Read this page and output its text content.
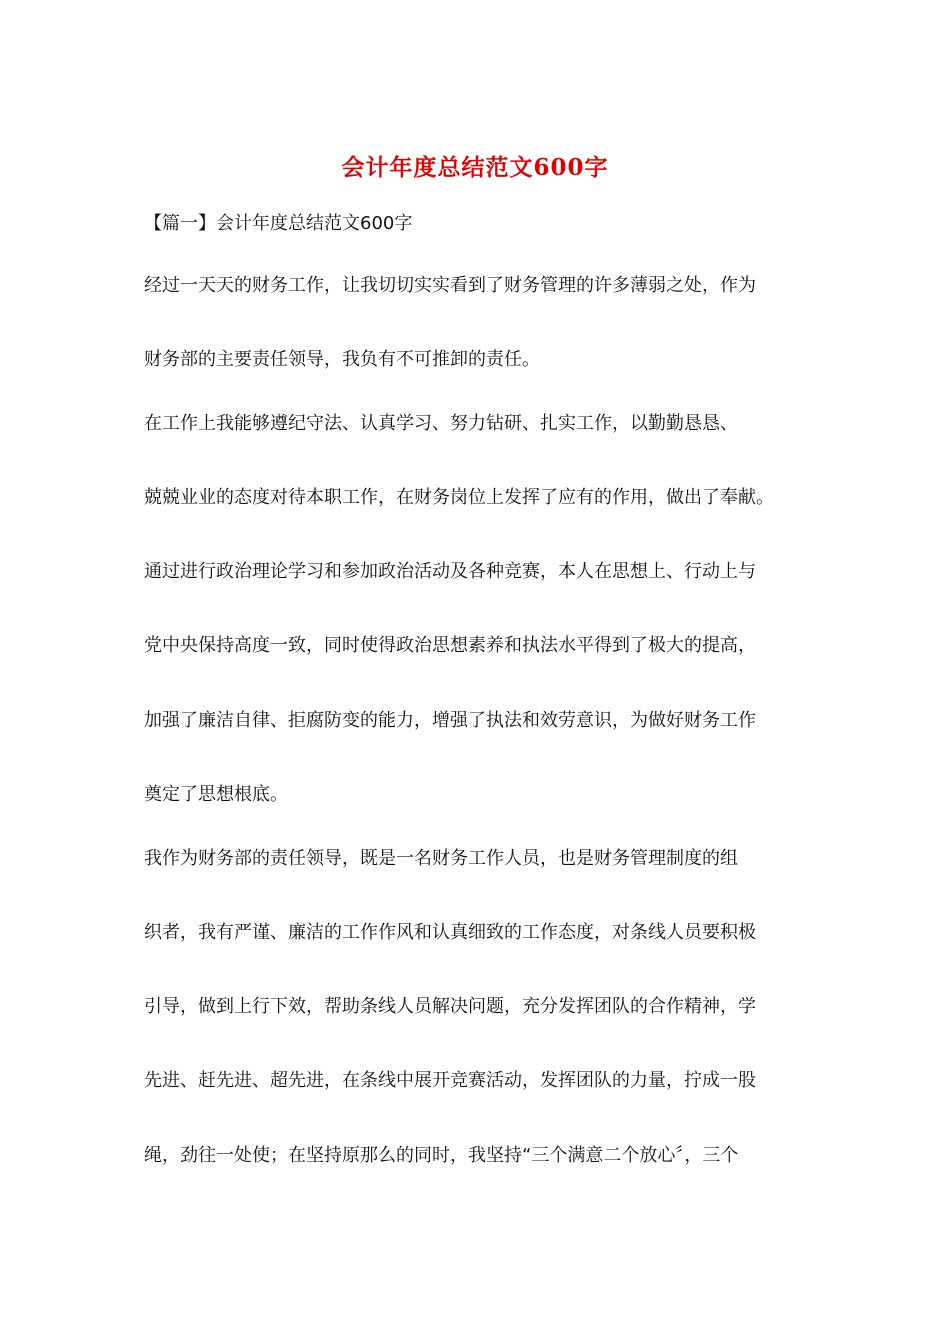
会计年度总结范文600字
【篇一】会计年度总结范文600字
经过一天天的财务工作，让我切切实实看到了财务管理的许多薄弱之处，作为
财务部的主要责任领导，我负有不可推卸的责任。
在工作上我能够遵纪守法、认真学习、努力钻研、扎实工作，以勤勤恳恳、
兢兢业业的态度对待本职工作，在财务岗位上发挥了应有的作用，做出了奉献。
通过进行政治理论学习和参加政治活动及各种竞赛，本人在思想上、行动上与
党中央保持高度一致，同时使得政治思想素养和执法水平得到了极大的提高，
加强了廉洁自律、拒腐防变的能力，增强了执法和效劳意识，为做好财务工作
奠定了思想根底。
我作为财务部的责任领导，既是一名财务工作人员，也是财务管理制度的组
织者，我有严谨、廉洁的工作作风和认真细致的工作态度，对条线人员要积极
引导，做到上行下效，帮助条线人员解决问题，充分发挥团队的合作精神，学
先进、赶先进、超先进，在条线中展开竞赛活动，发挥团队的力量，拧成一股
绳，劲往一处使；在坚持原那么的同时，我坚持“三个满意二个放心〞，三个
